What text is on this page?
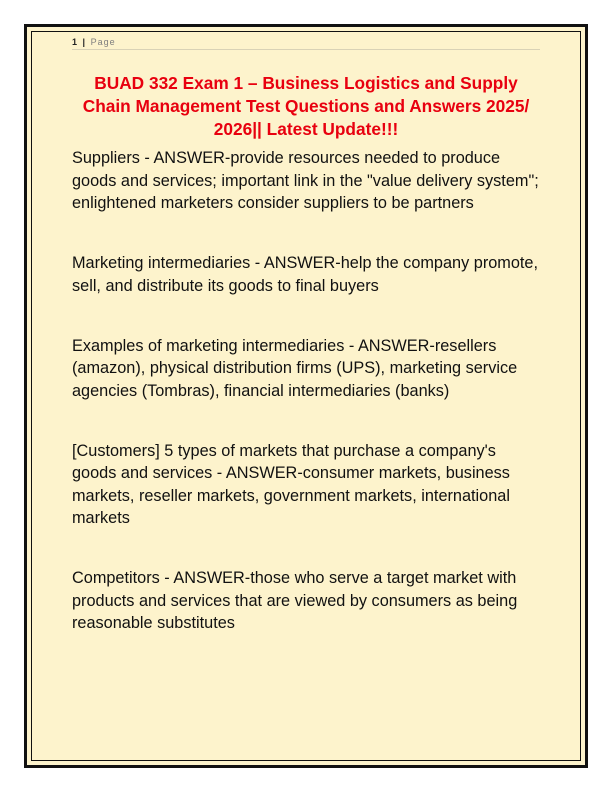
1 | Page
BUAD 332 Exam 1 – Business Logistics and Supply Chain Management Test Questions and Answers 2025/ 2026|| Latest Update!!!

Suppliers - ANSWER-provide resources needed to produce goods and services; important link in the "value delivery system"; enlightened marketers consider suppliers to be partners

Marketing intermediaries - ANSWER-help the company promote, sell, and distribute its goods to final buyers

Examples of marketing intermediaries - ANSWER-resellers (amazon), physical distribution firms (UPS), marketing service agencies (Tombras), financial intermediaries (banks)

[Customers] 5 types of markets that purchase a company's goods and services - ANSWER-consumer markets, business markets, reseller markets, government markets, international markets

Competitors - ANSWER-those who serve a target market with products and services that are viewed by consumers as being reasonable substitutes
